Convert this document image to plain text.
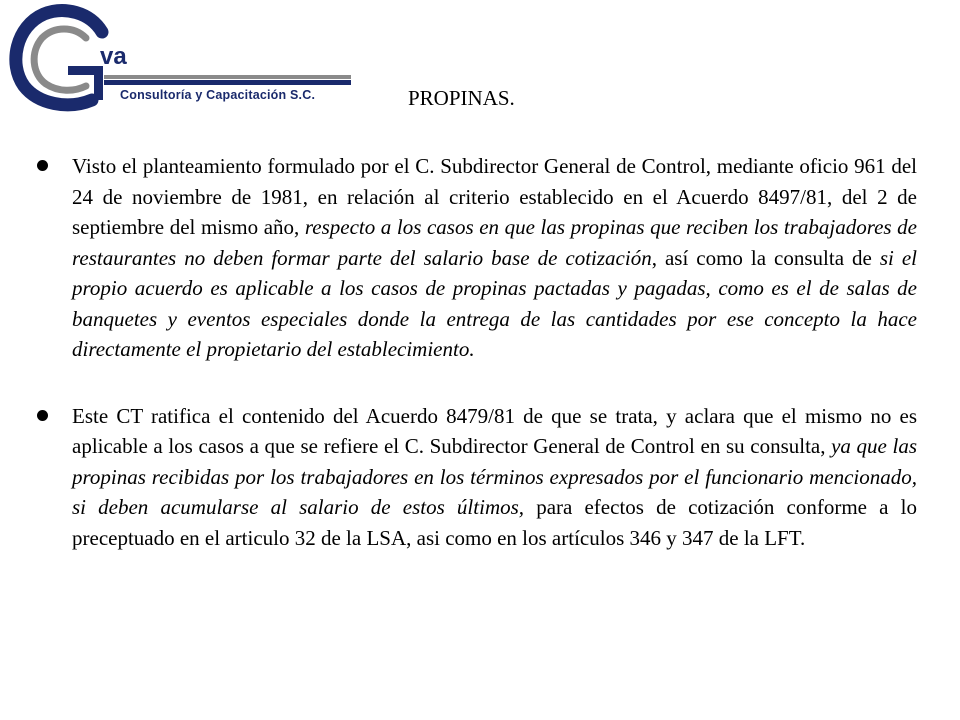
va
Consultoría y Capacitación S.C.	PROPINAS.
Visto el planteamiento formulado por el C. Subdirector General de Control, mediante oficio 961 del 24 de noviembre de 1981, en relación al criterio establecido en el Acuerdo 8497/81, del 2 de septiembre del mismo año, respecto a los casos en que las propinas que reciben los trabajadores de restaurantes no deben formar parte del salario base de cotización, así como la consulta de si el propio acuerdo es aplicable a los casos de propinas pactadas y pagadas, como es el de salas de banquetes y eventos especiales donde la entrega de las cantidades por ese concepto la hace directamente el propietario del establecimiento.
Este CT ratifica el contenido del Acuerdo 8479/81 de que se trata, y aclara que el mismo no es aplicable a los casos a que se refiere el C. Subdirector General de Control en su consulta, ya que las propinas recibidas por los trabajadores en los términos expresados por el funcionario mencionado, si deben acumularse al salario de estos últimos, para efectos de cotización conforme a lo preceptuado en el articulo 32 de la LSA, asi como en los artículos 346 y 347 de la LFT.
